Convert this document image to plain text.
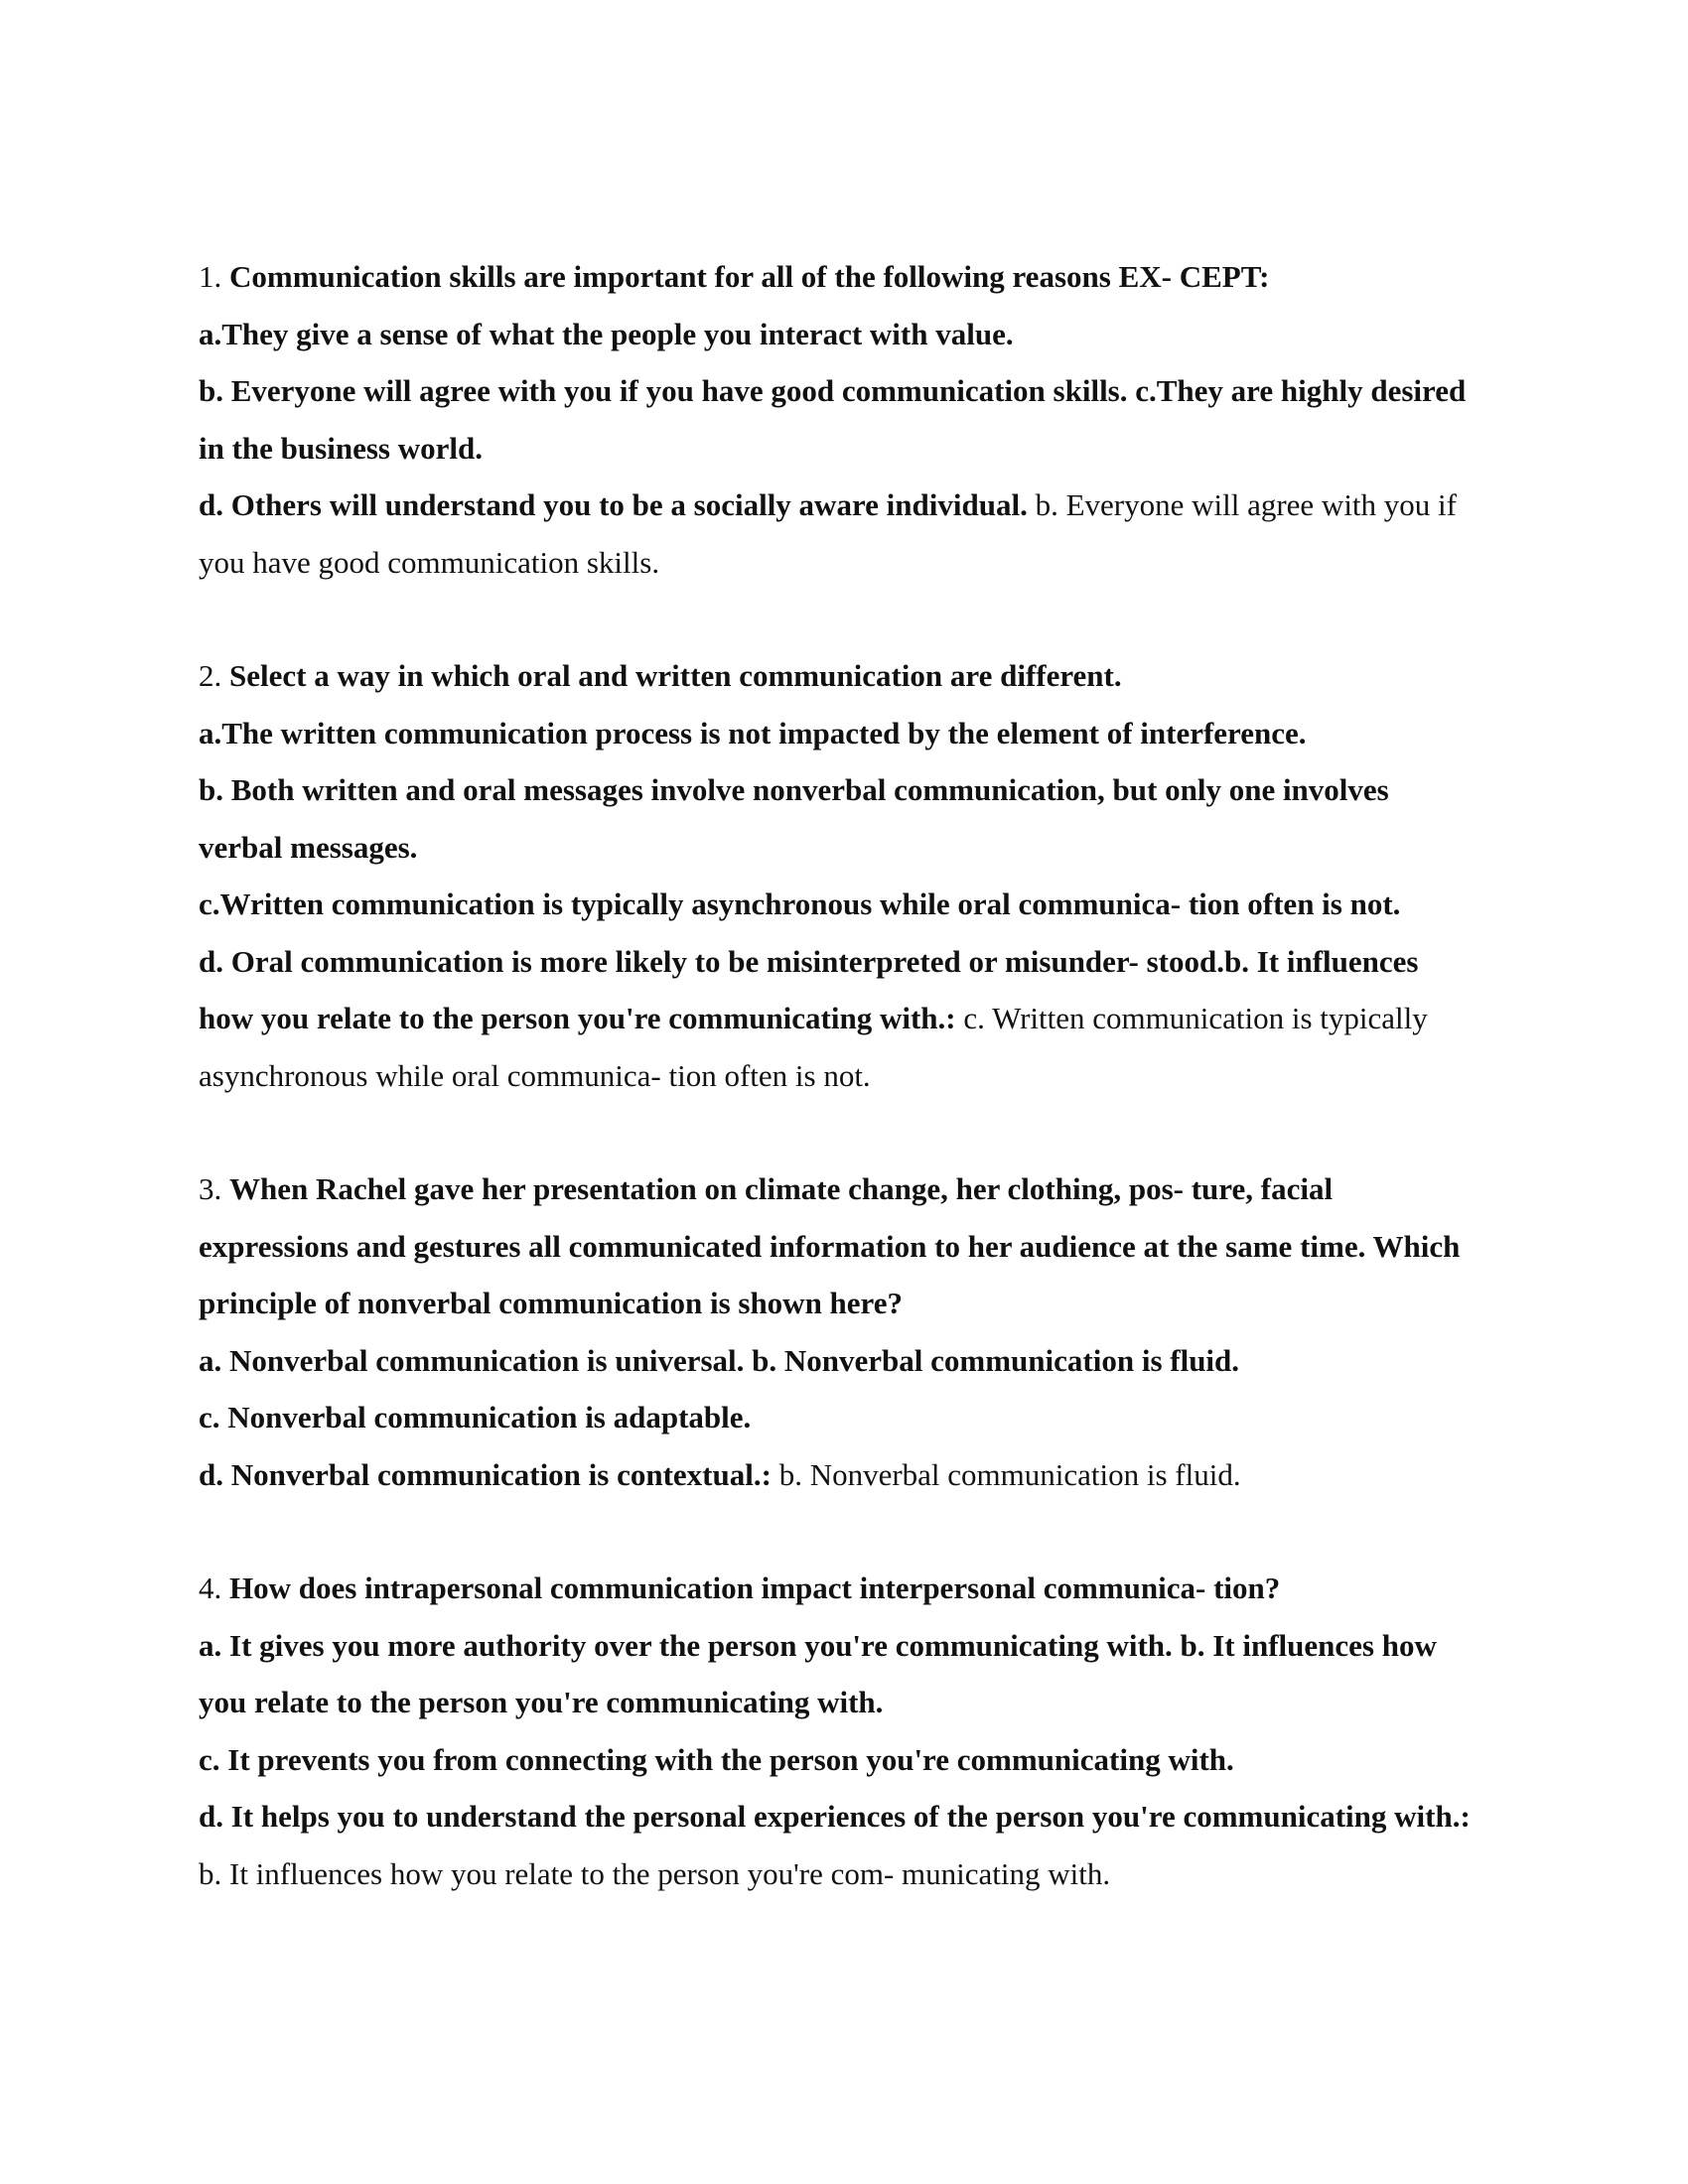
1. Communication skills are important for all of the following reasons EX- CEPT:

a.They give a sense of what the people you interact with value.

b. Everyone will agree with you if you have good communication skills. c.They are highly desired in the business world.

d. Others will understand you to be a socially aware individual. b. Everyone will agree with you if you have good communication skills.

2. Select a way in which oral and written communication are different.

a.The written communication process is not impacted by the element of interference.

b. Both written and oral messages involve nonverbal communication, but only one involves verbal messages.

c.Written communication is typically asynchronous while oral communica- tion often is not.

d. Oral communication is more likely to be misinterpreted or misunder- stood.b. It influences how you relate to the person you're communicating with.: c. Written communication is typically asynchronous while oral communica- tion often is not.

3. When Rachel gave her presentation on climate change, her clothing, pos- ture, facial expressions and gestures all communicated information to her audience at the same time. Which principle of nonverbal communication is shown here?

a. Nonverbal communication is universal. b. Nonverbal communication is fluid.

c. Nonverbal communication is adaptable.

d. Nonverbal communication is contextual.: b. Nonverbal communication is fluid.

4. How does intrapersonal communication impact interpersonal communica- tion?

a. It gives you more authority over the person you're communicating with. b. It influences how you relate to the person you're communicating with.

c. It prevents you from connecting with the person you're communicating with.

d. It helps you to understand the personal experiences of the person you're communicating with.: b. It influences how you relate to the person you're com- municating with.
